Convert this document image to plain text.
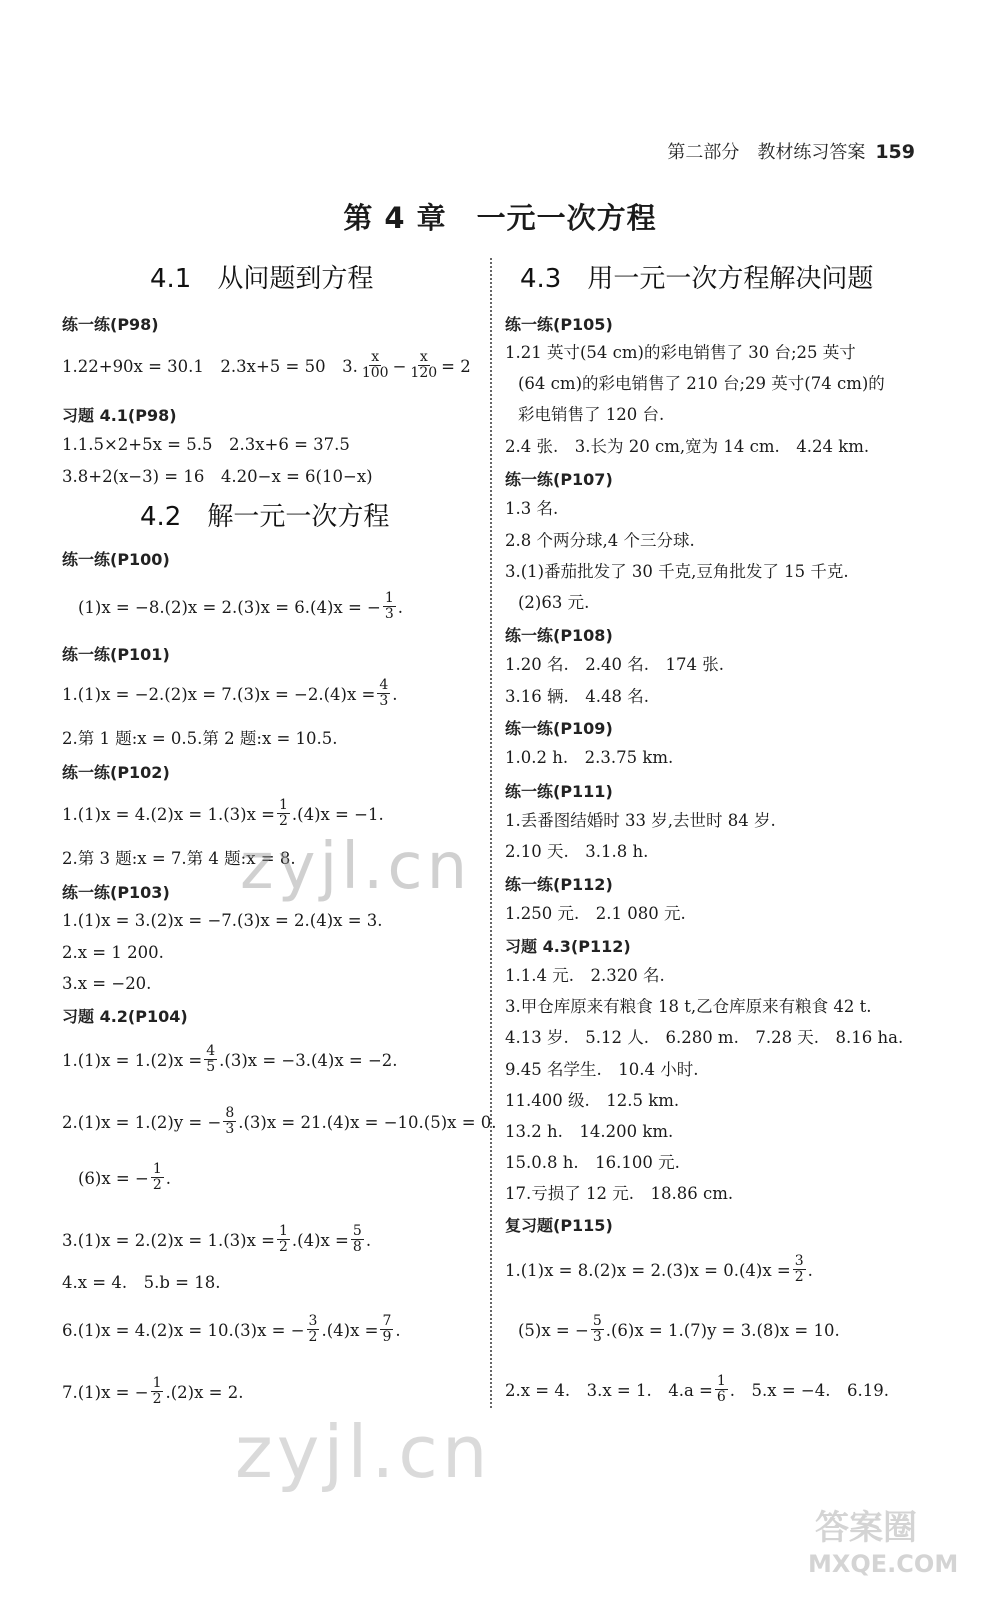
第二部分　教材练习答案 159
第 4 章　一元一次方程
4.1　从问题到方程
练一练(P98)
1.22+90x = 30.1　2.3x+5 = 50　3. $\frac{x}{100} - \frac{x}{120} = 2$
习题 4.1(P98)
1.1.5×2+5x = 5.5　2.3x+6 = 37.5
3.8+2(x−3) = 16　4.20−x = 6(10−x)
4.2　解一元一次方程
练一练(P100)
(1)x = −8.(2)x = 2.(3)x = 6.(4)x = − $\frac{1}{3}$ .
练一练(P101)
$1.(1)x = -2.(2)x = 7.(3)x = -2.(4)x = \frac{4}{3}$ .
2.第 1 题:x = 0.5.第 2 题:x = 10.5.
练一练(P102)
$1.(1)x = 4.(2)x = 1.(3)x = \frac{1}{2} .(4)x = -1$.
2.第 3 题:x = 7.第 4 题:x = 8.
练一练(P103)
1.(1)x = 3.(2)x = −7.(3)x = 2.(4)x = 3.
2.x = 1 200.
3.x = −20.
习题 4.2(P104)
$1.(1)x = 1.(2)x = \frac{4}{5} .(3)x = -3.(4)x = -2$.
2.(1)x = 1.(2)y = − $\frac{8}{3} .(3)x = 21.(4)x = -10.(5)x = 0$.
(6)x = − $\frac{1}{2}$ .
$3.(1)x = 2.(2)x = 1.(3)x = \frac{1}{2} .(4)x = \frac{5}{8}$ .
4.x = 4.　5.b = 18.
6.(1)x = 4.(2)x = 10.(3)x = − $\frac{3}{2} .(4)x = \frac{7}{9}$ .
7.(1)x = − $\frac{1}{2} .(2)x = 2$.
4.3　用一元一次方程解决问题
练一练(P105)
1.21 英寸(54 cm)的彩电销售了 30 台;25 英寸
(64 cm)的彩电销售了 210 台;29 英寸(74 cm)的
彩电销售了 120 台.
2.4 张.　3.长为 20 cm,宽为 14 cm.　4.24 km.
练一练(P107)
1.3 名.
2.8 个两分球,4 个三分球.
3.(1)番茄批发了 30 千克,豆角批发了 15 千克.
(2)63 元.
练一练(P108)
1.20 名.　2.40 名.　174 张.
3.16 辆.　4.48 名.
练一练(P109)
1.0.2 h.　2.3.75 km.
练一练(P111)
1.丢番图结婚时 33 岁,去世时 84 岁.
2.10 天.　3.1.8 h.
练一练(P112)
1.250 元.　2.1 080 元.
习题 4.3(P112)
1.1.4 元.　2.320 名.
3.甲仓库原来有粮食 18 t,乙仓库原来有粮食 42 t.
4.13 岁.　5.12 人.　6.280 m.　7.28 天.　8.16 ha.
9.45 名学生.　10.4 小时.
11.400 级.　12.5 km.
13.2 h.　14.200 km.
15.0.8 h.　16.100 元.
17.亏损了 12 元.　18.86 cm.
复习题(P115)
$1.(1)x = 8.(2)x = 2.(3)x = 0.(4)x = \frac{3}{2}$ .
(5)x = − $\frac{5}{3} .(6)x = 1.(7)y = 3.(8)x = 10$.
2.x = 4.　3.x = 1.　$4.a = \frac{1}{6}$ .　5.x = −4.　6.19.
zyjl.cn
zyjl.cn
答案圈
MXQE.COM
